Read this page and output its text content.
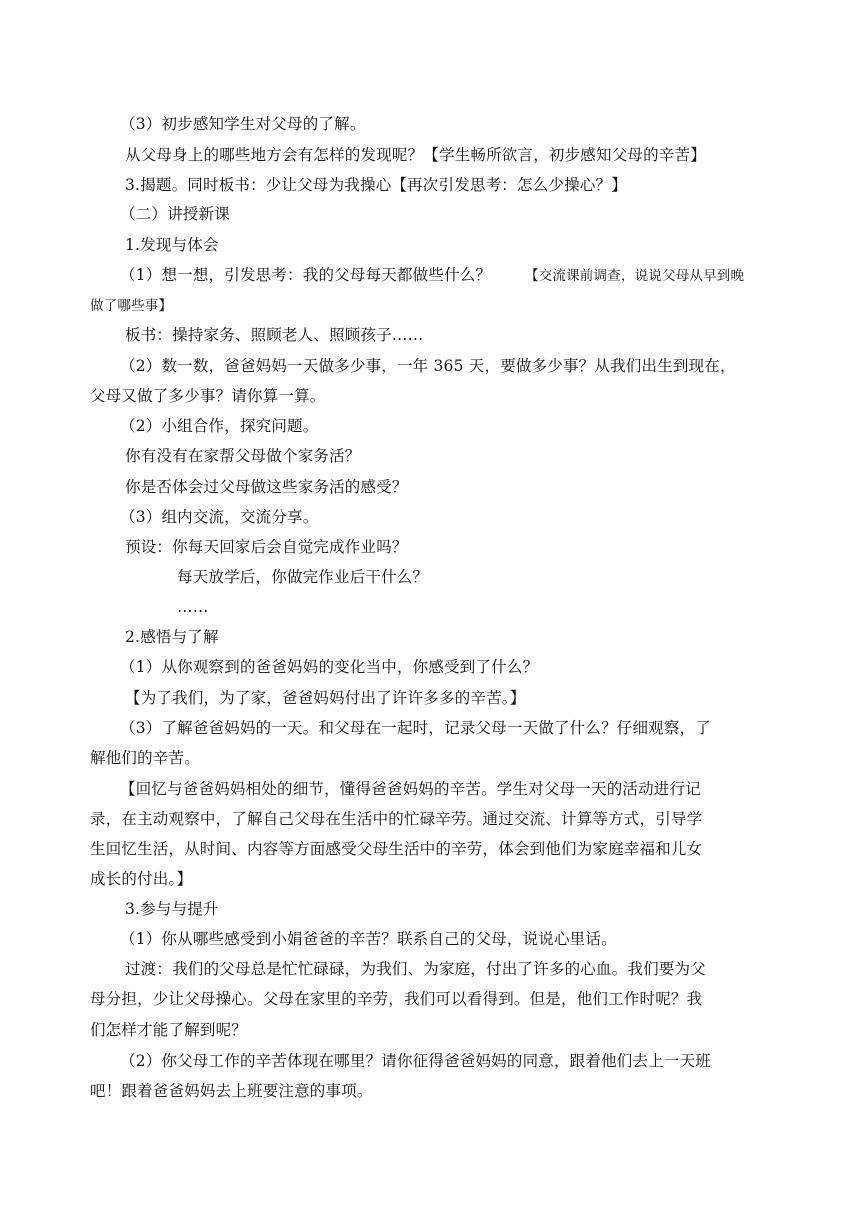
（3）初步感知学生对父母的了解。
从父母身上的哪些地方会有怎样的发现呢？【学生畅所欲言，初步感知父母的辛苦】
3.揭题。同时板书：少让父母为我操心【再次引发思考：怎么少操心？】
（二）讲授新课
1.发现与体会
（1）想一想，引发思考：我的父母每天都做些什么？	【交流课前调查，说说父母从早到晚
做了哪些事】
板书：操持家务、照顾老人、照顾孩子……
（2）数一数，爸爸妈妈一天做多少事，一年 365 天，要做多少事？从我们出生到现在，
父母又做了多少事？请你算一算。
（2）小组合作，探究问题。
你有没有在家帮父母做个家务活？
你是否体会过父母做这些家务活的感受？
（3）组内交流，交流分享。
预设：你每天回家后会自觉完成作业吗？
每天放学后，你做完作业后干什么？
……
2.感悟与了解
（1）从你观察到的爸爸妈妈的变化当中，你感受到了什么？
【为了我们，为了家，爸爸妈妈付出了许许多多的辛苦。】
（3）了解爸爸妈妈的一天。和父母在一起时，记录父母一天做了什么？仔细观察，了
解他们的辛苦。
【回忆与爸爸妈妈相处的细节，懂得爸爸妈妈的辛苦。学生对父母一天的活动进行记
录，在主动观察中，了解自己父母在生活中的忙碌辛劳。通过交流、计算等方式，引导学
生回忆生活，从时间、内容等方面感受父母生活中的辛劳，体会到他们为家庭幸福和儿女
成长的付出。】
3.参与与提升
（1）你从哪些感受到小娟爸爸的辛苦？联系自己的父母，说说心里话。
过渡：我们的父母总是忙忙碌碌，为我们、为家庭，付出了许多的心血。我们要为父
母分担，少让父母操心。父母在家里的辛劳，我们可以看得到。但是，他们工作时呢？我
们怎样才能了解到呢？
（2）你父母工作的辛苦体现在哪里？请你征得爸爸妈妈的同意，跟着他们去上一天班
吧！跟着爸爸妈妈去上班要注意的事项。
